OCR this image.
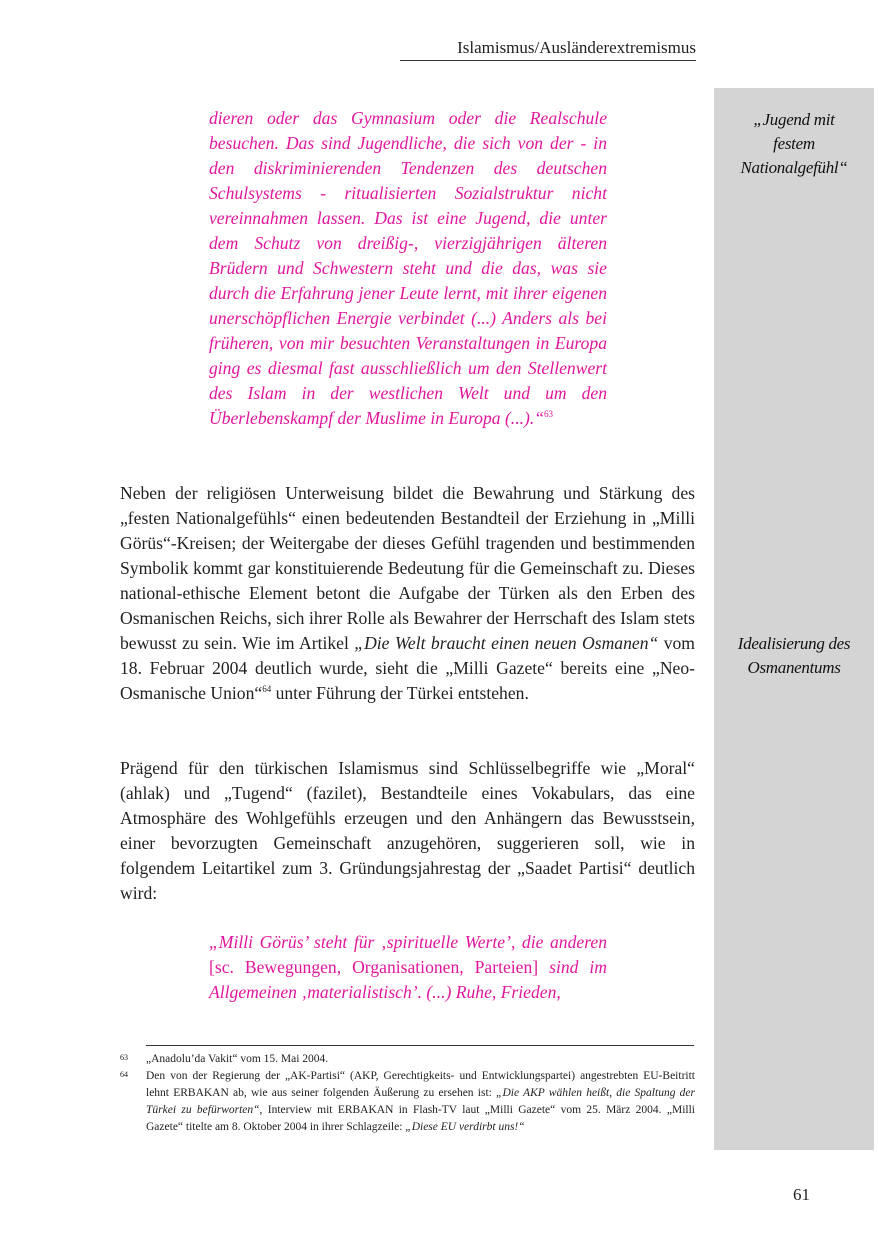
Islamismus/Ausländerextremismus
„Jugend mit
festem
Nationalgefühl“
Idealisierung des
Osmanentums
dieren oder das Gymnasium oder die Realschule besuchen. Das sind Jugendliche, die sich von der - in den diskriminierenden Tendenzen des deutschen Schulsystems - ritualisierten Sozialstruktur nicht vereinnahmen lassen. Das ist eine Jugend, die unter dem Schutz von dreißig-, vierzigjährigen älteren Brüdern und Schwestern steht und die das, was sie durch die Erfahrung jener Leute lernt, mit ihrer eigenen unerschöpflichen Energie verbindet (...) Anders als bei früheren, von mir besuchten Veranstaltungen in Europa ging es diesmal fast ausschließlich um den Stellenwert des Islam in der westlichen Welt und um den Überlebenskampf der Muslime in Europa (...).“$^{63}$
Neben der religiösen Unterweisung bildet die Bewahrung und Stärkung des „festen Nationalgefühls“ einen bedeutenden Bestandteil der Erziehung in „Milli Görüs“-Kreisen; der Weitergabe der dieses Gefühl tragenden und bestimmenden Symbolik kommt gar konstituierende Bedeutung für die Gemeinschaft zu. Dieses national-ethische Element betont die Aufgabe der Türken als den Erben des Osmanischen Reichs, sich ihrer Rolle als Bewahrer der Herrschaft des Islam stets bewusst zu sein. Wie im Artikel „Die Welt braucht einen neuen Osmanen“ vom 18. Februar 2004 deutlich wurde, sieht die „Milli Gazete“ bereits eine „Neo-Osmanische Union“$^{64}$ unter Führung der Türkei entstehen.
Prägend für den türkischen Islamismus sind Schlüsselbegriffe wie „Moral“ (ahlak) und „Tugend“ (fazilet), Bestandteile eines Vokabulars, das eine Atmosphäre des Wohlgefühls erzeugen und den Anhängern das Bewusstsein, einer bevorzugten Gemeinschaft anzugehören, suggerieren soll, wie in folgendem Leitartikel zum 3. Gründungsjahrestag der „Saadet Partisi“ deutlich wird:
„Milli Görüs’ steht für ‚spirituelle Werte’, die anderen [sc. Bewegungen, Organisationen, Parteien] sind im Allgemeinen ‚materialistisch’. (...) Ruhe, Frieden,
63 „Anadolu’da Vakit“ vom 15. Mai 2004.
64 Den von der Regierung der „AK-Partisi“ (AKP, Gerechtigkeits- und Entwicklungspartei) angestrebten EU-Beitritt lehnt ERBAKAN ab, wie aus seiner folgenden Äußerung zu ersehen ist: „Die AKP wählen heißt, die Spaltung der Türkei zu befürworten“, Interview mit ERBAKAN in Flash-TV laut „Milli Gazete“ vom 25. März 2004. „Milli Gazete“ titelte am 8. Oktober 2004 in ihrer Schlagzeile: „Diese EU verdirbt uns!“
61
